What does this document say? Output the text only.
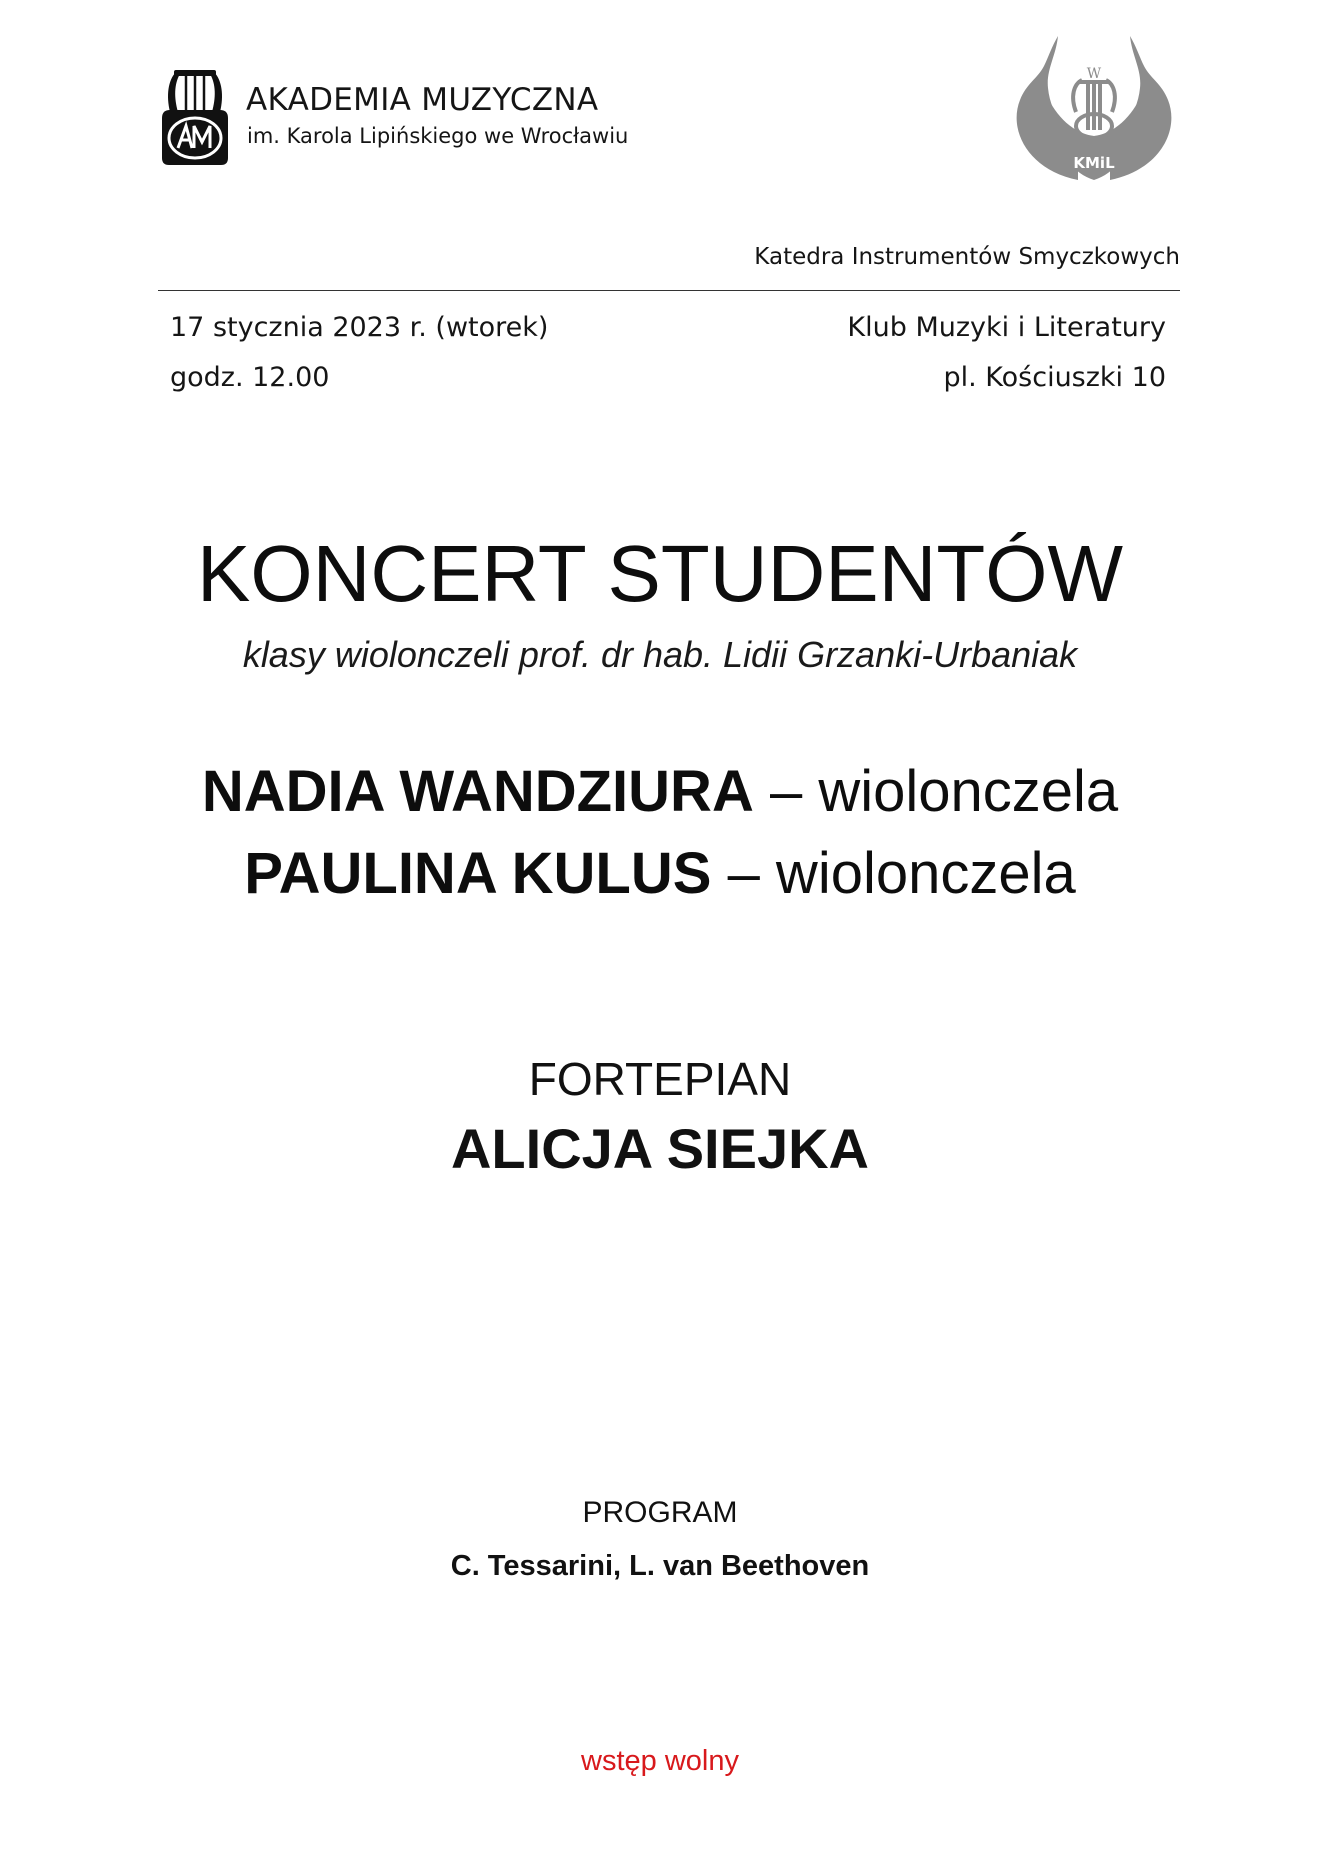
AKADEMIA MUZYCZNA
im. Karola Lipińskiego we Wrocławiu
W
KMiL
Katedra Instrumentów Smyczkowych
17 stycznia 2023 r. (wtorek)
godz. 12.00
Klub Muzyki i Literatury
pl. Kościuszki 10
KONCERT STUDENTÓW
klasy wiolonczeli prof. dr hab. Lidii Grzanki-Urbaniak
NADIA WANDZIURA – wiolonczela
PAULINA KULUS – wiolonczela
FORTEPIAN
ALICJA SIEJKA
PROGRAM
C. Tessarini, L. van Beethoven
wstęp wolny
